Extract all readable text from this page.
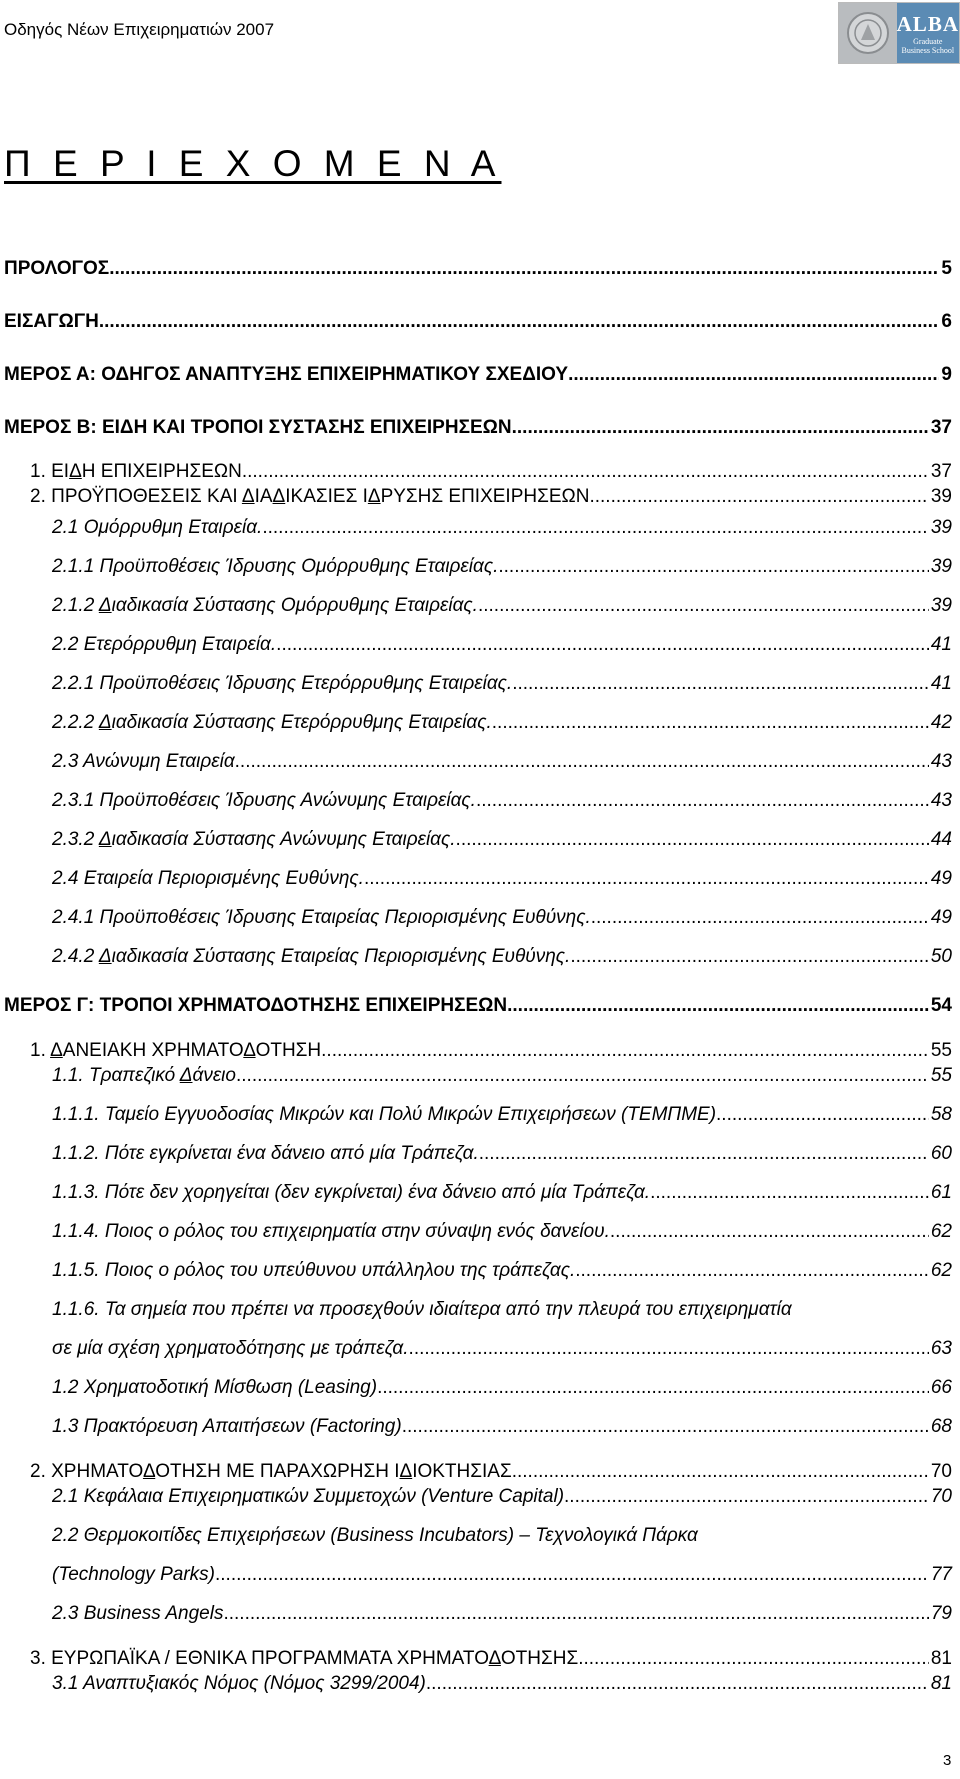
Οδηγός Νέων Επιχειρηματιών 2007	ALBA
Graduate
Business School
Π Ε Ρ Ι Ε Χ Ο Μ Ε Ν Α
ΠΡΟΛΟΓΟΣ .....	5
ΕΙΣΑΓΩΓΗ .....	6
ΜΕΡΟΣ Α: ΟΔΗΓΟΣ ΑΝΑΠΤΥΞΗΣ ΕΠΙΧΕΙΡΗΜΑΤΙΚΟΥ ΣΧΕΔΙΟΥ .....	9
ΜΕΡΟΣ Β: ΕΙΔΗ ΚΑΙ ΤΡΟΠΟΙ ΣΥΣΤΑΣΗΣ ΕΠΙΧΕΙΡΗΣΕΩΝ .....	37
1. ΕΙΔΗ ΕΠΙΧΕΙΡΗΣΕΩΝ .....	37
2. ΠΡΟΫΠΟΘΕΣΕΙΣ ΚΑΙ ΔΙΑΔΙΚΑΣΙΕΣ ΙΔΡΥΣΗΣ ΕΠΙΧΕΙΡΗΣΕΩΝ .....	39
2.1 Ομόρρυθμη Εταιρεία. .....	39
2.1.1 Προϋποθέσεις Ίδρυσης Ομόρρυθμης Εταιρείας. .....	39
2.1.2 Διαδικασία Σύστασης Ομόρρυθμης Εταιρείας. .....	39
2.2 Ετερόρρυθμη Εταιρεία. .....	41
2.2.1 Προϋποθέσεις Ίδρυσης Ετερόρρυθμης Εταιρείας. .....	41
2.2.2 Διαδικασία Σύστασης Ετερόρρυθμης Εταιρείας. .....	42
2.3 Ανώνυμη Εταιρεία .....	43
2.3.1 Προϋποθέσεις Ίδρυσης Ανώνυμης Εταιρείας. .....	43
2.3.2 Διαδικασία Σύστασης Ανώνυμης Εταιρείας. .....	44
2.4 Εταιρεία Περιορισμένης Ευθύνης. .....	49
2.4.1 Προϋποθέσεις Ίδρυσης Εταιρείας Περιορισμένης Ευθύνης. .....	49
2.4.2 Διαδικασία Σύστασης Εταιρείας Περιορισμένης Ευθύνης. .....	50
ΜΕΡΟΣ Γ: ΤΡΟΠΟΙ ΧΡΗΜΑΤΟΔΟΤΗΣΗΣ ΕΠΙΧΕΙΡΗΣΕΩΝ .....	54
1. ΔΑΝΕΙΑΚΗ ΧΡΗΜΑΤΟΔΟΤΗΣΗ .....	55
1.1. Τραπεζικό Δάνειο .....	55
1.1.1. Ταμείο Εγγυοδοσίας Μικρών και Πολύ Μικρών Επιχειρήσεων (ΤΕΜΠΜΕ) .....	58
1.1.2. Πότε εγκρίνεται ένα δάνειο από μία Τράπεζα. .....	60
1.1.3. Πότε δεν χορηγείται (δεν εγκρίνεται) ένα δάνειο από μία Τράπεζα. .....	61
1.1.4. Ποιος ο ρόλος του επιχειρηματία στην σύναψη ενός δανείου. .....	62
1.1.5. Ποιος ο ρόλος του υπεύθυνου υπάλληλου της τράπεζας. .....	62
1.1.6. Τα σημεία που πρέπει να προσεχθούν ιδιαίτερα από την πλευρά του επιχειρηματία
σε μία σχέση χρηματοδότησης με τράπεζα. .....	63
1.2 Χρηματοδοτική Μίσθωση (Leasing) .....	66
1.3 Πρακτόρευση Απαιτήσεων (Factoring) .....	68
2. ΧΡΗΜΑΤΟΔΟΤΗΣΗ ΜΕ ΠΑΡΑΧΩΡΗΣΗ ΙΔΙΟΚΤΗΣΙΑΣ .....	70
2.1 Κεφάλαια Επιχειρηματικών Συμμετοχών (Venture Capital) .....	70
2.2 Θερμοκοιτίδες Επιχειρήσεων (Business Incubators) – Τεχνολογικά Πάρκα
(Technology Parks) .....	77
2.3 Business Angels .....	79
3. ΕΥΡΩΠΑΪΚΑ / ΕΘΝΙΚΑ ΠΡΟΓΡΑΜΜΑΤΑ ΧΡΗΜΑΤΟΔΟΤΗΣΗΣ .....	81
3.1 Αναπτυξιακός Νόμος (Νόμος 3299/2004) .....	81
3
